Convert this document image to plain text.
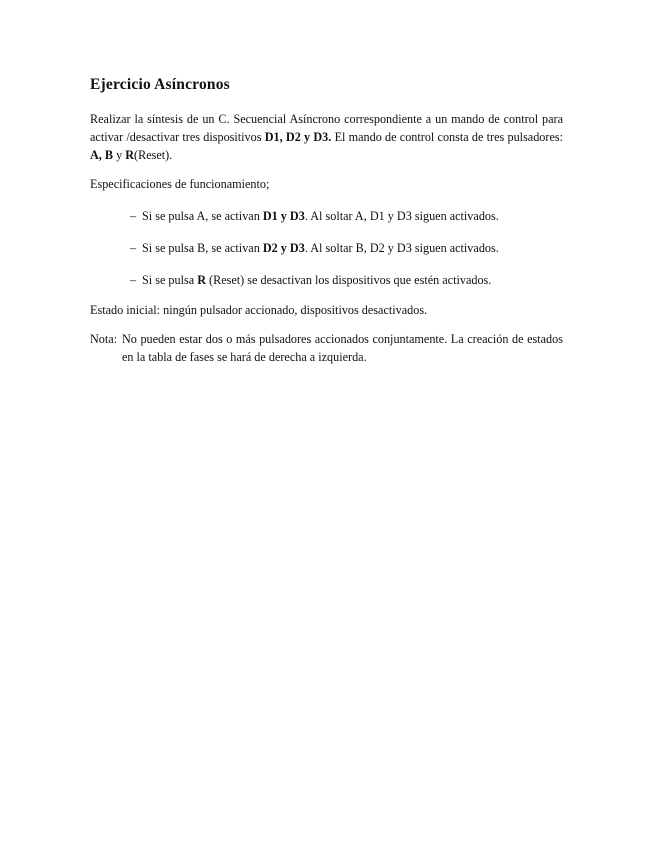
Ejercicio Asíncronos

Realizar la síntesis de un C. Secuencial Asíncrono correspondiente a un mando de control para activar /desactivar tres dispositivos D1, D2 y D3. El mando de control consta de tres pulsadores: A, B y R(Reset).

Especificaciones de funcionamiento;

– Si se pulsa A, se activan D1 y D3. Al soltar A, D1 y D3 siguen activados.
– Si se pulsa B, se activan D2 y D3. Al soltar B, D2 y D3 siguen activados.
– Si se pulsa R (Reset) se desactivan los dispositivos que estén activados.

Estado inicial: ningún pulsador accionado, dispositivos desactivados.

Nota: No pueden estar dos o más pulsadores accionados conjuntamente. La creación de estados en la tabla de fases se hará de derecha a izquierda.
